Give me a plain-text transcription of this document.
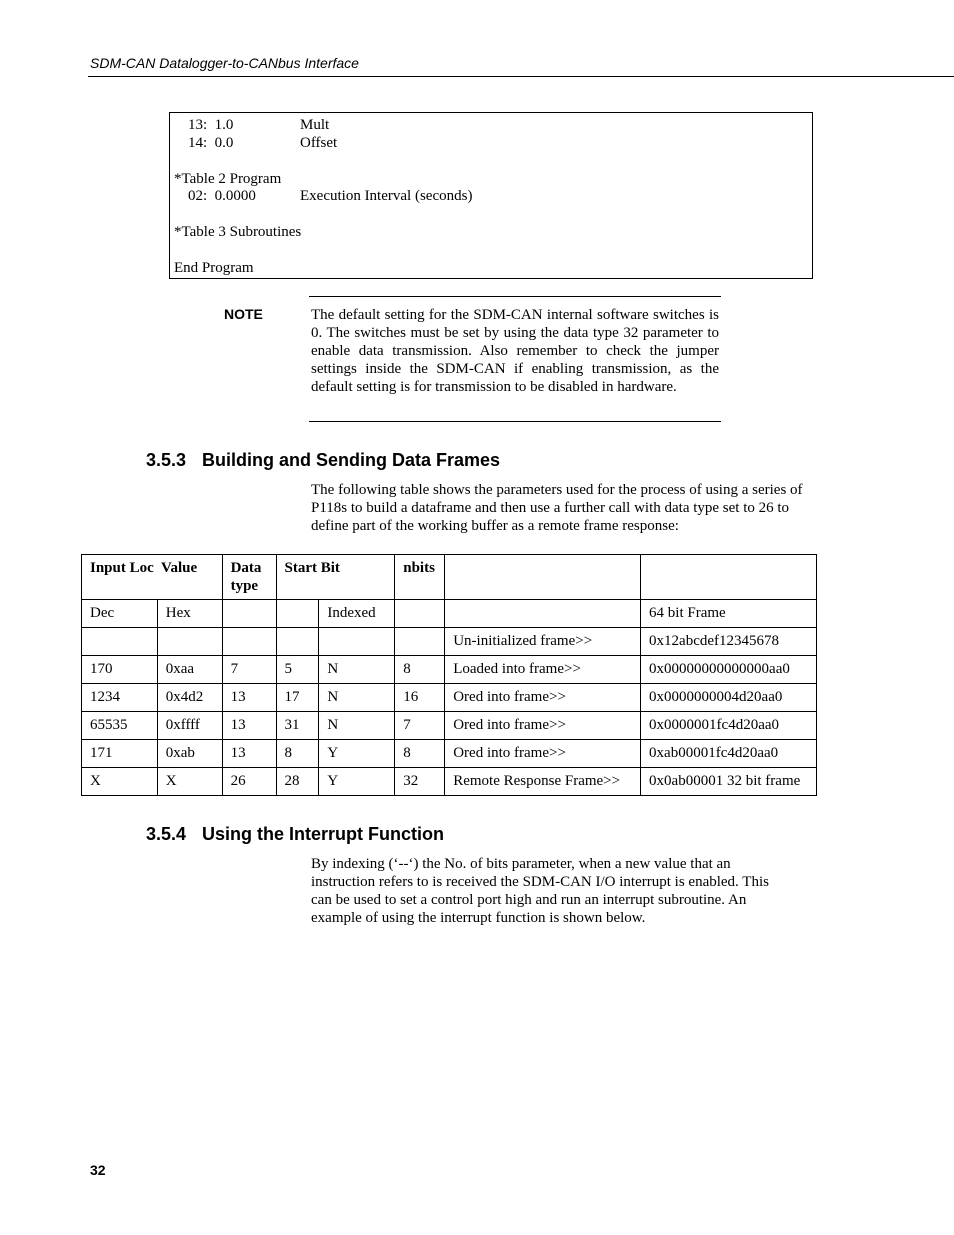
SDM-CAN Datalogger-to-CANbus Interface
13:  1.0	Mult
14:  0.0	Offset
*Table 2 Program
02:  0.0000	Execution Interval (seconds)
*Table 3 Subroutines
End Program
NOTE	The default setting for the SDM-CAN internal software switches is 0. The switches must be set by using the data type 32 parameter to enable data transmission. Also remember to check the jumper settings inside the SDM-CAN if enabling transmission, as the default setting is for transmission to be disabled in hardware.
3.5.3 Building and Sending Data Frames
The following table shows the parameters used for the process of using a series of P118s to build a dataframe and then use a further call with data type set to 26 to define part of the working buffer as a remote frame response:
Input Loc Value		Data type	Start Bit		nbits		
Dec	Hex			Indexed			64 bit Frame
						Un-initialized frame>>	0x12abcdef12345678
170	0xaa	7	5	N	8	Loaded into frame>>	0x00000000000000aa0
1234	0x4d2	13	17	N	16	Ored into frame>>	0x0000000004d20aa0
65535	0xffff	13	31	N	7	Ored into frame>>	0x0000001fc4d20aa0
171	0xab	13	8	Y	8	Ored into frame>>	0xab00001fc4d20aa0
X	X	26	28	Y	32	Remote Response Frame>>	0x0ab00001 32 bit frame
3.5.4 Using the Interrupt Function
By indexing (‘--‘) the No. of bits parameter, when a new value that an instruction refers to is received the SDM-CAN I/O interrupt is enabled. This can be used to set a control port high and run an interrupt subroutine. An example of using the interrupt function is shown below.
32
